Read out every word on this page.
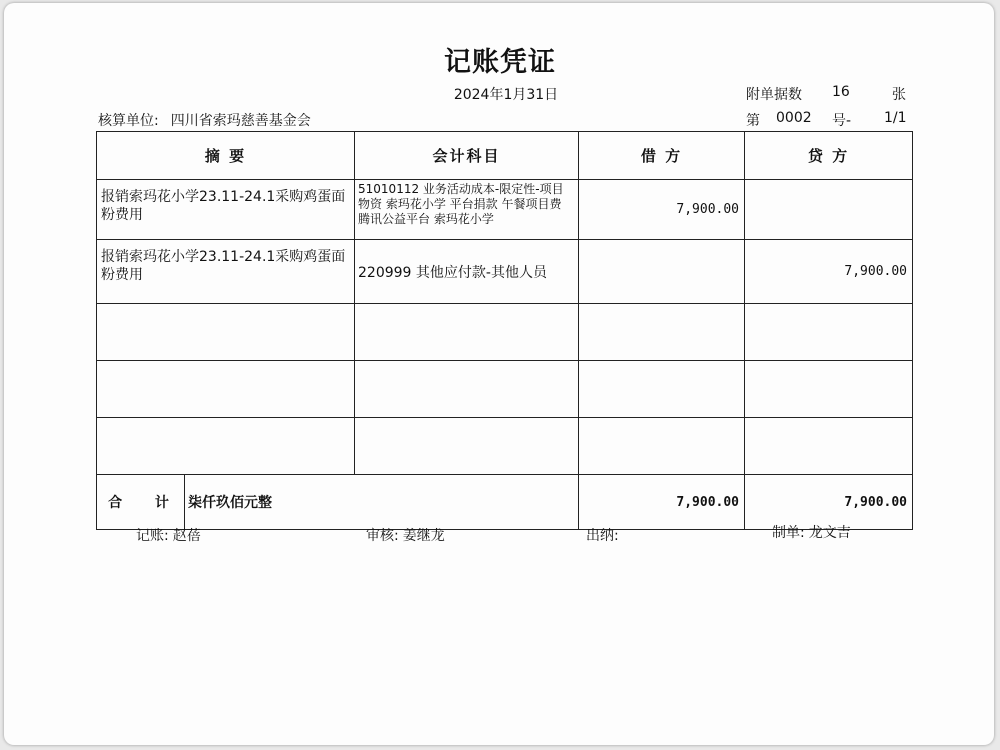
记账凭证
2024年1月31日	附单据数 16	张
核算单位: 四川省索玛慈善基金会	第 0002 号- 1/1
摘 要		会计科目	借 方	贷 方

报销索玛花小学23.11-24.1采购鸡蛋面粉费用		51010112 业务活动成本-限定性-项目物资 索玛花小学 平台捐款 午餐项目费 腾讯公益平台 索玛花小学	7,900.00	

报销索玛花小学23.11-24.1采购鸡蛋面粉费用		220999 其他应付款-其他人员		7,900.00

合 计	柒仟玖佰元整		7,900.00	7,900.00
记账: 赵蓓	审核: 姜继龙	出纳:	制单: 龙文吉
